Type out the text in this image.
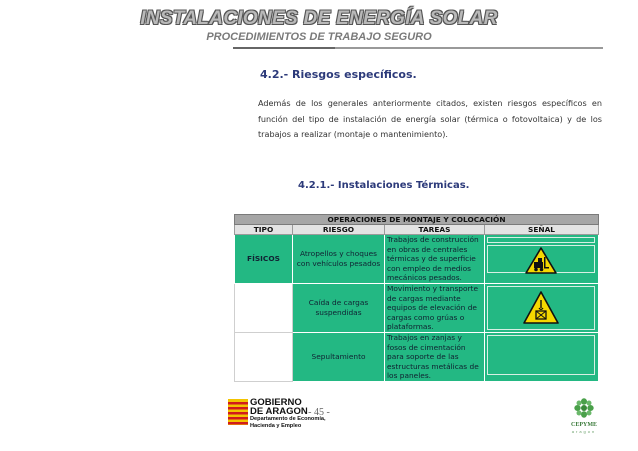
INSTALACIONES DE ENERGÍA SOLAR
PROCEDIMIENTOS DE TRABAJO SEGURO
4.2.- Riesgos específicos.
Además de los generales anteriormente citados, existen riesgos específicos en función del tipo de instalación de energía solar (térmica o fotovoltaica) y de los trabajos a realizar (montaje o mantenimiento).
4.2.1.- Instalaciones Térmicas.
OPERACIONES DE MONTAJE Y COLOCACIÓN			
TIPO	RIESGO	TAREAS	SEÑAL
FÍSICOS	Atropellos y choques con vehículos pesados	Trabajos de construcción en obras de centrales térmicas y de superficie con empleo de medios mecánicos pesados.	

	Caída de cargas suspendidas	Movimiento y transporte de cargas mediante equipos de elevación de cargas como grúas o plataformas.	

	Sepultamiento	Trabajos en zanjas y fosos de cimentación para soporte de las estructuras metálicas de los paneles.	
GOBIERNO DE ARAGON
Departamento de Economía, Hacienda y Empleo
- 45 -
CEPYME
aragon
